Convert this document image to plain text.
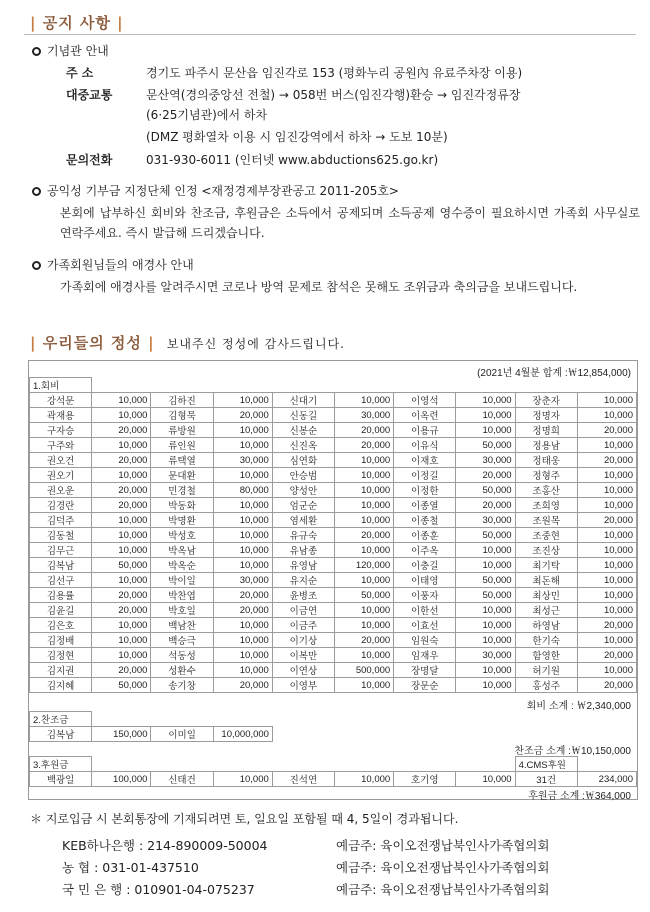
| 공지 사항 |
기념관 안내
주 소	경기도 파주시 문산읍 임진각로 153 (평화누리 공원內 유료주차장 이용)
대중교통	문산역(경의중앙선 전철) → 058번 버스(임진각행)환승 → 임진각정류장
(6·25기념관)에서 하차
(DMZ 평화열차 이용 시 임진강역에서 하차 → 도보 10분)
문의전화	031-930-6011 (인터넷 www.abductions625.go.kr)
공익성 기부금 지정단체 인정 <재정경제부장관공고 2011-205호>
본회에 납부하신 회비와 찬조금, 후원금은 소득에서 공제되며 소득공제 영수증이 필요하시면 가족회 사무실로 연락주세요. 즉시 발급해 드리겠습니다.
가족회원님들의 애경사 안내
가족회에 애경사를 알려주시면 코로나 방역 문제로 참석은 못해도 조위금과 축의금을 보내드립니다.
| 우리들의 정성 | 보내주신 정성에 감사드립니다.
(2021년 4월분 합계 :￦12,854,000)
1.회비									
강석문	10,000	김하진	10,000	신대기	10,000	이영석	10,000	장춘자	10,000
곽재용	10,000	김형묵	20,000	신동길	30,000	이옥련	10,000	정명자	10,000
구자승	20,000	류방원	10,000	신봉순	20,000	이용규	10,000	정명희	20,000
구주와	10,000	류인원	10,000	신진옥	20,000	이유식	50,000	정용남	10,000
권오건	20,000	류택열	30,000	심연화	10,000	이재호	30,000	정태웅	20,000
권오기	10,000	문대환	10,000	안승범	10,000	이정길	20,000	정형주	10,000
권오운	20,000	민경철	80,000	양성안	10,000	이정한	50,000	조홍산	10,000
김경란	20,000	박동화	10,000	엄군순	10,000	이종열	20,000	조희영	10,000
김덕주	10,000	박명환	10,000	염세환	10,000	이종철	30,000	조원목	20,000
김동철	10,000	박성호	10,000	유규숙	20,000	이종훈	50,000	조중현	10,000
김무근	10,000	박옥남	10,000	유남종	10,000	이주옥	10,000	조진상	10,000
김복남	50,000	박옥순	10,000	유영남	120,000	이충길	10,000	최기탁	10,000
김선구	10,000	박이일	30,000	유지순	10,000	이태영	50,000	최돈해	10,000
김용률	20,000	박찬엽	20,000	윤병조	50,000	이풍자	50,000	최상민	10,000
김윤길	20,000	박호일	20,000	이금연	10,000	이한선	10,000	최성근	10,000
김은호	10,000	백남찬	10,000	이금주	10,000	이효선	10,000	하영남	20,000
김정배	10,000	백승극	10,000	이기상	20,000	임원숙	10,000	한기숙	10,000
김정현	10,000	석동성	10,000	이복만	10,000	임재우	30,000	함영한	20,000
김지권	20,000	성환수	10,000	이연상	500,000	장명달	10,000	허기원	10,000
김지혜	50,000	송기창	20,000	이영부	10,000	장문순	10,000	홍성주	20,000
회비 소계 : ￦2,340,000
2.찬조금									
김복남	150,000	이미일	10,000,000						
찬조금 소계 :￦10,150,000
3.후원금								4.CMS후원	
백광일	100,000	신태건	10,000	진석연	10,000	호기영	10,000	31건	234,000
후원금 소계 :￦364,000
＊ 지로입금 시 본회통장에 기재되려면 토, 일요일 포함될 때 4, 5일이 경과됩니다.
KEB하나은행 : 214-890009-50004	예금주: 육이오전쟁납북인사가족협의회
농 협 : 031-01-437510	예금주: 육이오전쟁납북인사가족협의회
국 민 은 행 : 010901-04-075237	예금주: 육이오전쟁납북인사가족협의회
